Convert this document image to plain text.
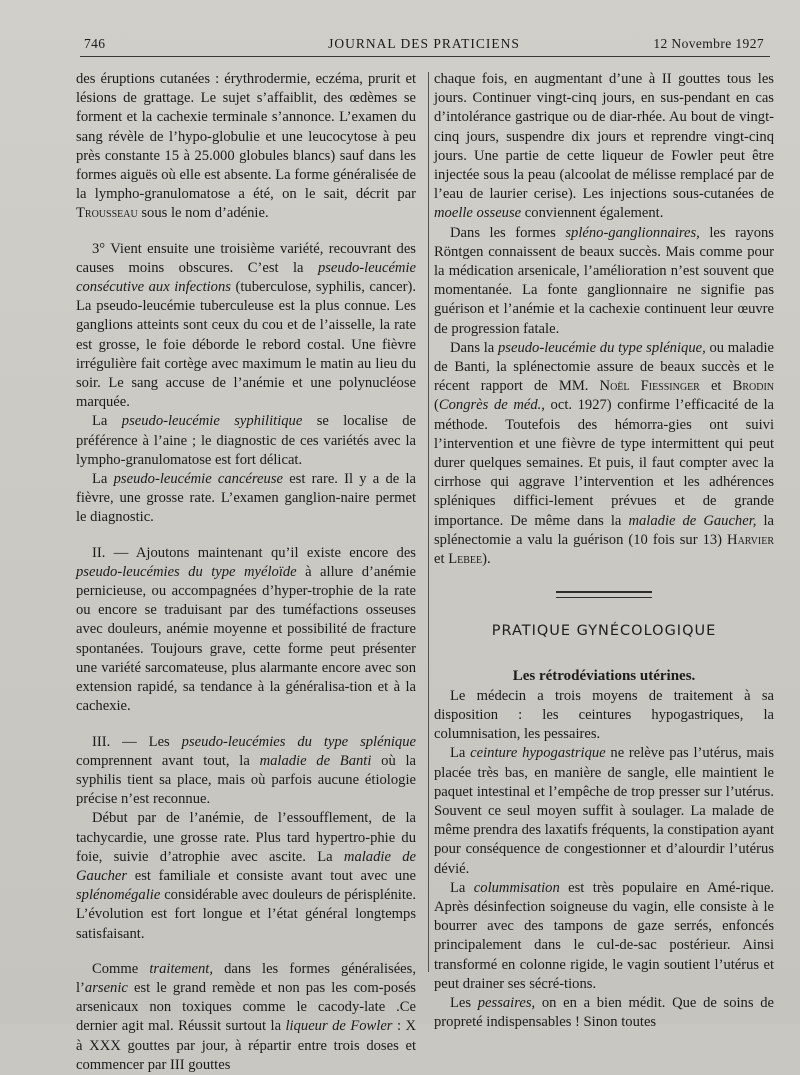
746	JOURNAL DES PRATICIENS	12 Novembre 1927

des éruptions cutanées : érythrodermie, eczéma, prurit et lésions de grattage. Le sujet s’affaiblit, des œdèmes se forment et la cachexie terminale s’annonce. L’examen du sang révèle de l’hypo-globulie et une leucocytose à peu près constante 15 à 25.000 globules blancs) sauf dans les formes aiguës où elle est absente. La forme généralisée de la lympho-granulomatose a été, on le sait, décrit par Trousseau sous le nom d’adénie.

3° Vient ensuite une troisième variété, recouvrant des causes moins obscures. C’est la pseudo-leucémie consécutive aux infections (tuberculose, syphilis, cancer). La pseudo-leucémie tuberculeuse est la plus connue. Les ganglions atteints sont ceux du cou et de l’aisselle, la rate est grosse, le foie déborde le rebord costal. Une fièvre irrégulière fait cortège avec maximum le matin au lieu du soir. Le sang accuse de l’anémie et une polynucléose marquée.

La pseudo-leucémie syphilitique se localise de préférence à l’aine ; le diagnostic de ces variétés avec la lympho-granulomatose est fort délicat.

La pseudo-leucémie cancéreuse est rare. Il y a de la fièvre, une grosse rate. L’examen ganglion-naire permet le diagnostic.

II. — Ajoutons maintenant qu’il existe encore des pseudo-leucémies du type myéloïde à allure d’anémie pernicieuse, ou accompagnées d’hyper-trophie de la rate ou encore se traduisant par des tuméfactions osseuses avec douleurs, anémie moyenne et possibilité de fracture spontanées. Toujours grave, cette forme peut présenter une variété sarcomateuse, plus alarmante encore avec son extension rapidé, sa tendance à la généralisa-tion et à la cachexie.

III. — Les pseudo-leucémies du type splénique comprennent avant tout, la maladie de Banti où la syphilis tient sa place, mais où parfois aucune étiologie précise n’est reconnue.

Début par de l’anémie, de l’essoufflement, de la tachycardie, une grosse rate. Plus tard hypertro-phie du foie, suivie d’atrophie avec ascite. La maladie de Gaucher est familiale et consiste avant tout avec une splénomégalie considérable avec douleurs de périsplénite. L’évolution est fort longue et l’état général longtemps satisfaisant.

Comme traitement, dans les formes généralisées, l’arsenic est le grand remède et non pas les com-posés arsenicaux non toxiques comme le cacody-late .Ce dernier agit mal. Réussit surtout la liqueur de Fowler : X à XXX gouttes par jour, à répartir entre trois doses et commencer par III gouttes

chaque fois, en augmentant d’une à II gouttes tous les jours. Continuer vingt-cinq jours, en sus-pendant en cas d’intolérance gastrique ou de diar-rhée. Au bout de vingt-cinq jours, suspendre dix jours et reprendre vingt-cinq jours. Une partie de cette liqueur de Fowler peut être injectée sous la peau (alcoolat de mélisse remplacé par de l’eau de laurier cerise). Les injections sous-cutanées de moelle osseuse conviennent également.

Dans les formes spléno-ganglionnaires, les rayons Röntgen connaissent de beaux succès. Mais comme pour la médication arsenicale, l’amélioration n’est souvent que momentanée. La fonte ganglionnaire ne signifie pas guérison et l’anémie et la cachexie continuent leur œuvre de progression fatale.

Dans la pseudo-leucémie du type splénique, ou maladie de Banti, la splénectomie assure de beaux succès et le récent rapport de MM. Noël Fiessinger et Brodin (Congrès de méd., oct. 1927) confirme l’efficacité de la méthode. Toutefois des hémorra-gies ont suivi l’intervention et une fièvre de type intermittent qui peut durer quelques semaines. Et puis, il faut compter avec la cirrhose qui aggrave l’intervention et les adhérences spléniques diffici-lement prévues et de grande importance. De même dans la maladie de Gaucher, la splénectomie a valu la guérison (10 fois sur 13) Harvier et Lebee).

PRATIQUE GYNÉCOLOGIQUE
Les rétrodéviations utérines.

Le médecin a trois moyens de traitement à sa disposition : les ceintures hypogastriques, la columnisation, les pessaires.

La ceinture hypogastrique ne relève pas l’utérus, mais placée très bas, en manière de sangle, elle maintient le paquet intestinal et l’empêche de trop presser sur l’utérus. Souvent ce seul moyen suffit à soulager. La malade de même prendra des laxatifs fréquents, la constipation ayant pour conséquence de congestionner et d’alourdir l’utérus dévié.

La colummisation est très populaire en Amé-rique. Après désinfection soigneuse du vagin, elle consiste à le bourrer avec des tampons de gaze serrés, enfoncés principalement dans le cul-de-sac postérieur. Ainsi transformé en colonne rigide, le vagin soutient l’utérus et peut drainer ses sécré-tions.

Les pessaires, on en a bien médit. Que de soins de propreté indispensables ! Sinon toutes
